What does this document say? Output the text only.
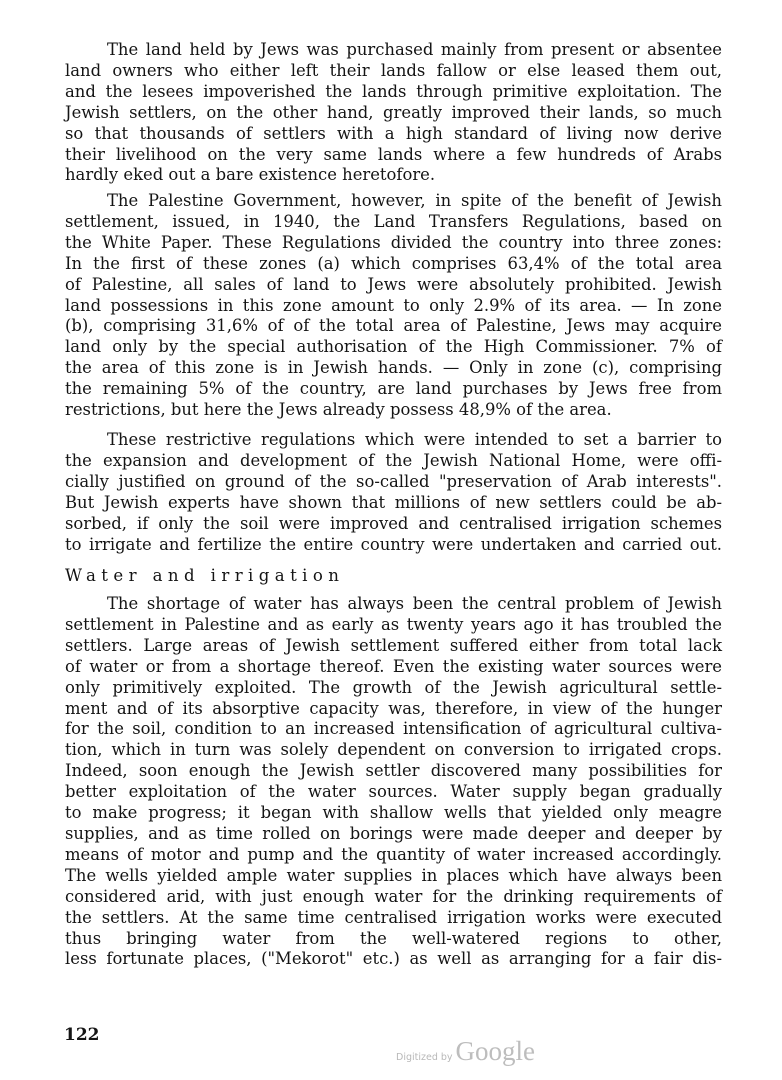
The land held by Jews was purchased mainly from present or absentee
land owners who either left their lands fallow or else leased them out,
and the lesees impoverished the lands through primitive exploitation. The
Jewish settlers, on the other hand, greatly improved their lands, so much
so that thousands of settlers with a high standard of living now derive
their livelihood on the very same lands where a few hundreds of Arabs
hardly eked out a bare existence heretofore.
The Palestine Government, however, in spite of the benefit of Jewish
settlement, issued, in 1940, the Land Transfers Regulations, based on
the White Paper. These Regulations divided the country into three zones:
In the first of these zones (a) which comprises 63,4% of the total area
of Palestine, all sales of land to Jews were absolutely prohibited. Jewish
land possessions in this zone amount to only 2.9% of its area. — In zone
(b), comprising 31,6% of of the total area of Palestine, Jews may acquire
land only by the special authorisation of the High Commissioner. 7% of
the area of this zone is in Jewish hands. — Only in zone (c), comprising
the remaining 5% of the country, are land purchases by Jews free from
restrictions, but here the Jews already possess 48,9% of the area.
These restrictive regulations which were intended to set a barrier to
the expansion and development of the Jewish National Home, were offi-
cially justified on ground of the so-called "preservation of Arab interests".
But Jewish experts have shown that millions of new settlers could be ab-
sorbed, if only the soil were improved and centralised irrigation schemes
to irrigate and fertilize the entire country were undertaken and carried out.

Water and irrigation

The shortage of water has always been the central problem of Jewish
settlement in Palestine and as early as twenty years ago it has troubled the
settlers. Large areas of Jewish settlement suffered either from total lack
of water or from a shortage thereof. Even the existing water sources were
only primitively exploited. The growth of the Jewish agricultural settle-
ment and of its absorptive capacity was, therefore, in view of the hunger
for the soil, condition to an increased intensification of agricultural cultiva-
tion, which in turn was solely dependent on conversion to irrigated crops.
Indeed, soon enough the Jewish settler discovered many possibilities for
better exploitation of the water sources. Water supply began gradually
to make progress; it began with shallow wells that yielded only meagre
supplies, and as time rolled on borings were made deeper and deeper by
means of motor and pump and the quantity of water increased accordingly.
The wells yielded ample water supplies in places which have always been
considered arid, with just enough water for the drinking requirements of
the settlers. At the same time centralised irrigation works were executed
thus bringing water from the well-watered regions to other,
less fortunate places, ("Mekorot" etc.) as well as arranging for a fair dis-

122

Digitized by Google
